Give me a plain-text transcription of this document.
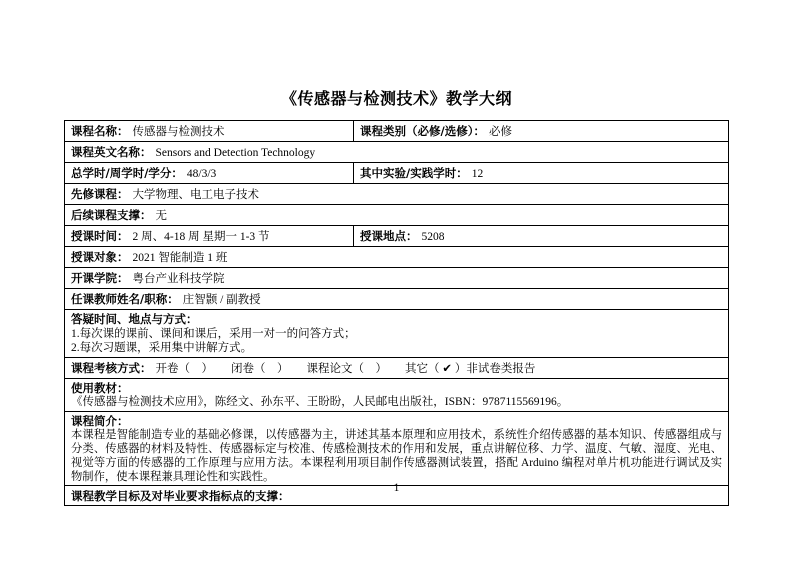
《传感器与检测技术》教学大纲
课程名称： 传感器与检测技术	课程类别（必修/选修）： 必修
课程英文名称： Sensors and Detection Technology
总学时/周学时/学分： 48/3/3	其中实验/实践学时： 12
先修课程： 大学物理、电工电子技术
后续课程支撑： 无
授课时间： 2 周、4-18 周 星期一 1-3 节	授课地点： 5208
授课对象： 2021 智能制造 1 班
开课学院： 粤台产业科技学院
任课教师姓名/职称： 庄智颢 / 副教授
答疑时间、地点与方式：
1.每次课的课前、课间和课后，采用一对一的问答方式；
2.每次习题课，采用集中讲解方式。
课程考核方式： 开卷（　） 闭卷（　） 课程论文（　） 其它（ ✔ ）非试卷类报告
使用教材：
《传感器与检测技术应用》，陈经文、孙东平、王盼盼，人民邮电出版社，ISBN：9787115569196。
课程简介：
本课程是智能制造专业的基础必修课，以传感器为主，讲述其基本原理和应用技术，系统性介绍传感器的基本知识、传感器组成与分类、传感器的材料及特性、传感器标定与校准、传感检测技术的作用和发展，重点讲解位移、力学、温度、气敏、湿度、光电、视觉等方面的传感器的工作原理与应用方法。本课程利用项目制作传感器测试装置，搭配 Arduino 编程对单片机功能进行调试及实物制作，使本课程兼具理论性和实践性。
课程教学目标及对毕业要求指标点的支撑：
1
